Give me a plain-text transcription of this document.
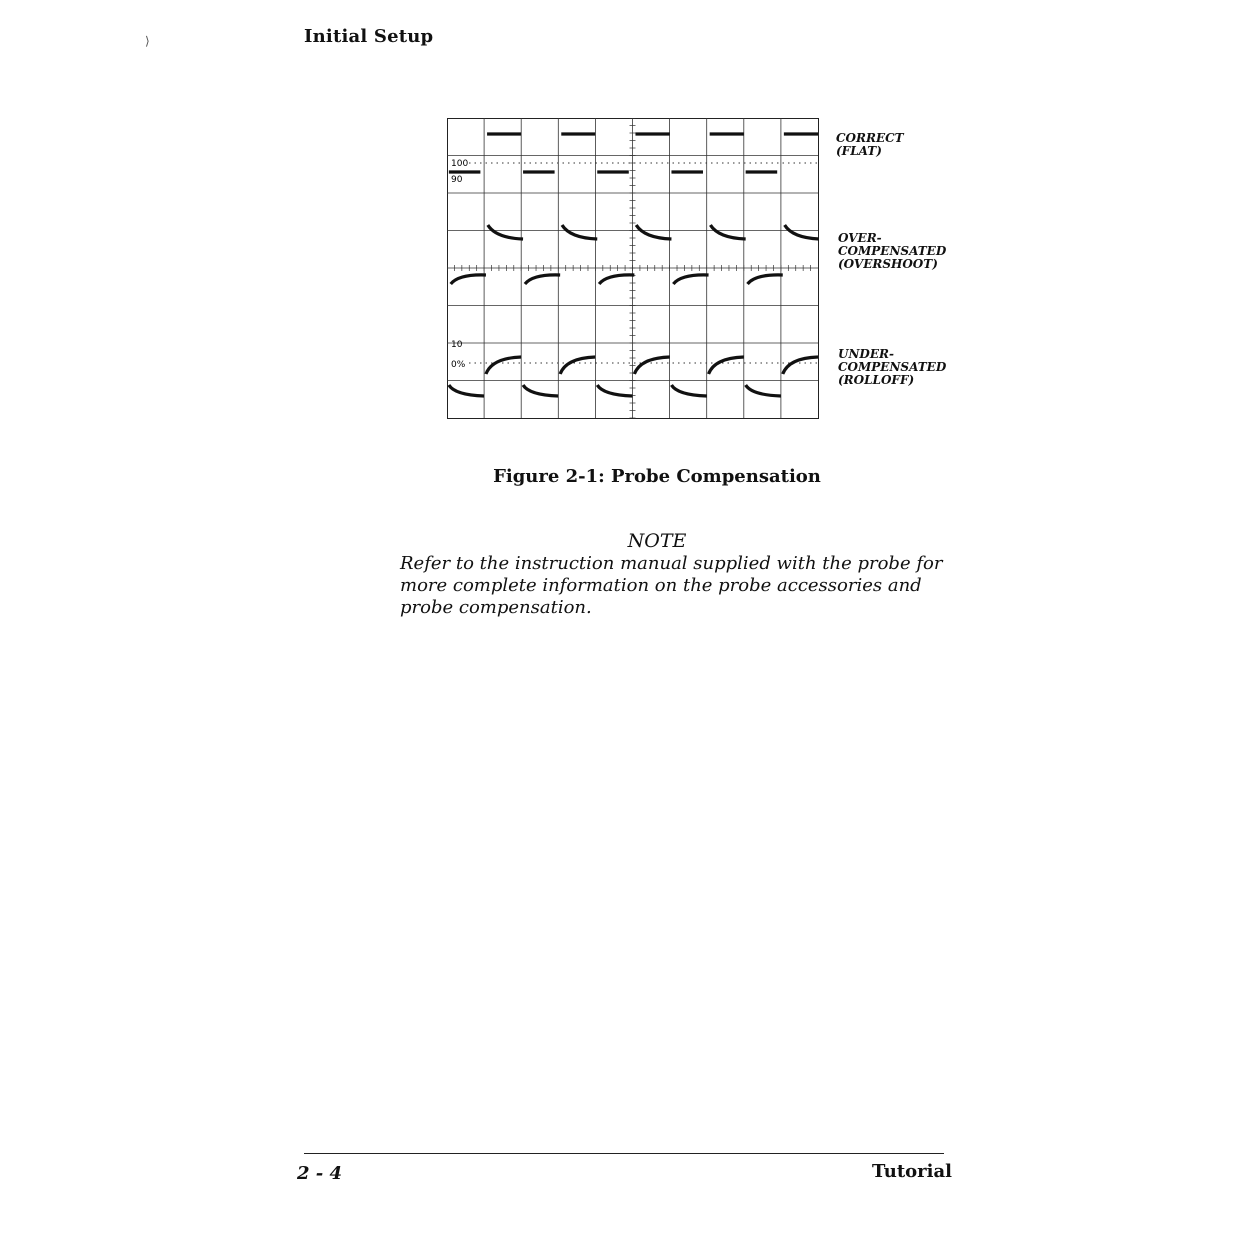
⟩	Initial Setup
100
90
10
0%
CORRECT
(FLAT)
OVER-
COMPENSATED
(OVERSHOOT)
UNDER-
COMPENSATED
(ROLLOFF)
Figure 2-1: Probe Compensation
NOTE
Refer to the instruction manual supplied with the probe for
more complete information on the probe accessories and
probe compensation.
2 - 4	Tutorial
